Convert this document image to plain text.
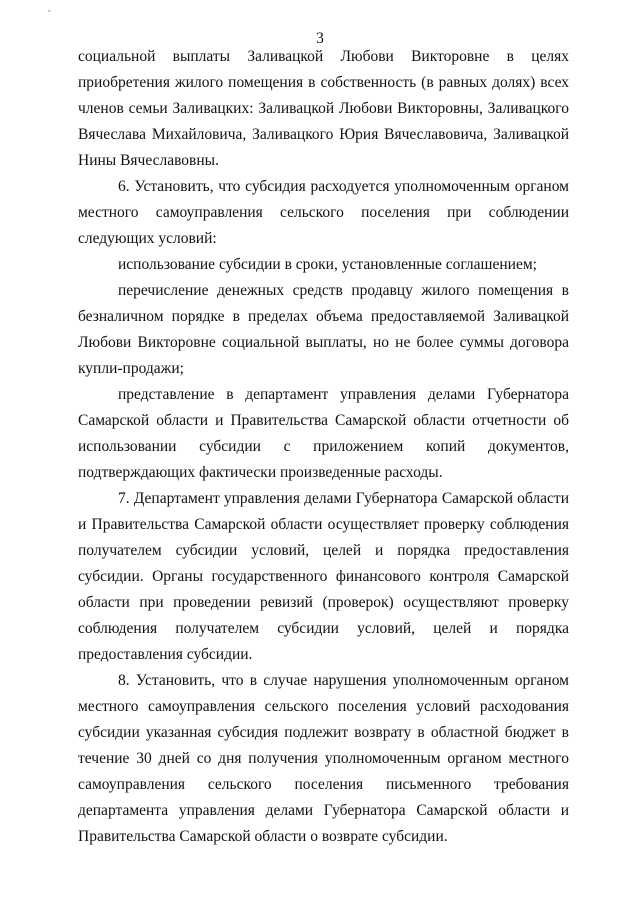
»
3

социальной выплаты Заливацкой Любови Викторовне в целях приобретения жилого помещения в собственность (в равных долях) всех членов семьи Заливацких: Заливацкой Любови Викторовны, Заливацкого Вячеслава Михайловича, Заливацкого Юрия Вячеславовича, Заливацкой Нины Вячеславовны.

6. Установить, что субсидия расходуется уполномоченным органом местного самоуправления сельского поселения при соблюдении следующих условий:

использование субсидии в сроки, установленные соглашением;

перечисление денежных средств продавцу жилого помещения в безналичном порядке в пределах объема предоставляемой Заливацкой Любови Викторовне социальной выплаты, но не более суммы договора купли-продажи;

представление в департамент управления делами Губернатора Самарской области и Правительства Самарской области отчетности об использовании субсидии с приложением копий документов, подтверждающих фактически произведенные расходы.

7. Департамент управления делами Губернатора Самарской области и Правительства Самарской области осуществляет проверку соблюдения получателем субсидии условий, целей и порядка предоставления субсидии. Органы государственного финансового контроля Самарской области при проведении ревизий (проверок) осуществляют проверку соблюдения получателем субсидии условий, целей и порядка предоставления субсидии.

8. Установить, что в случае нарушения уполномоченным органом местного самоуправления сельского поселения условий расходования субсидии указанная субсидия подлежит возврату в областной бюджет в течение 30 дней со дня получения уполномоченным органом местного самоуправления сельского поселения письменного требования департамента управления делами Губернатора Самарской области и Правительства Самарской области о возврате субсидии.
